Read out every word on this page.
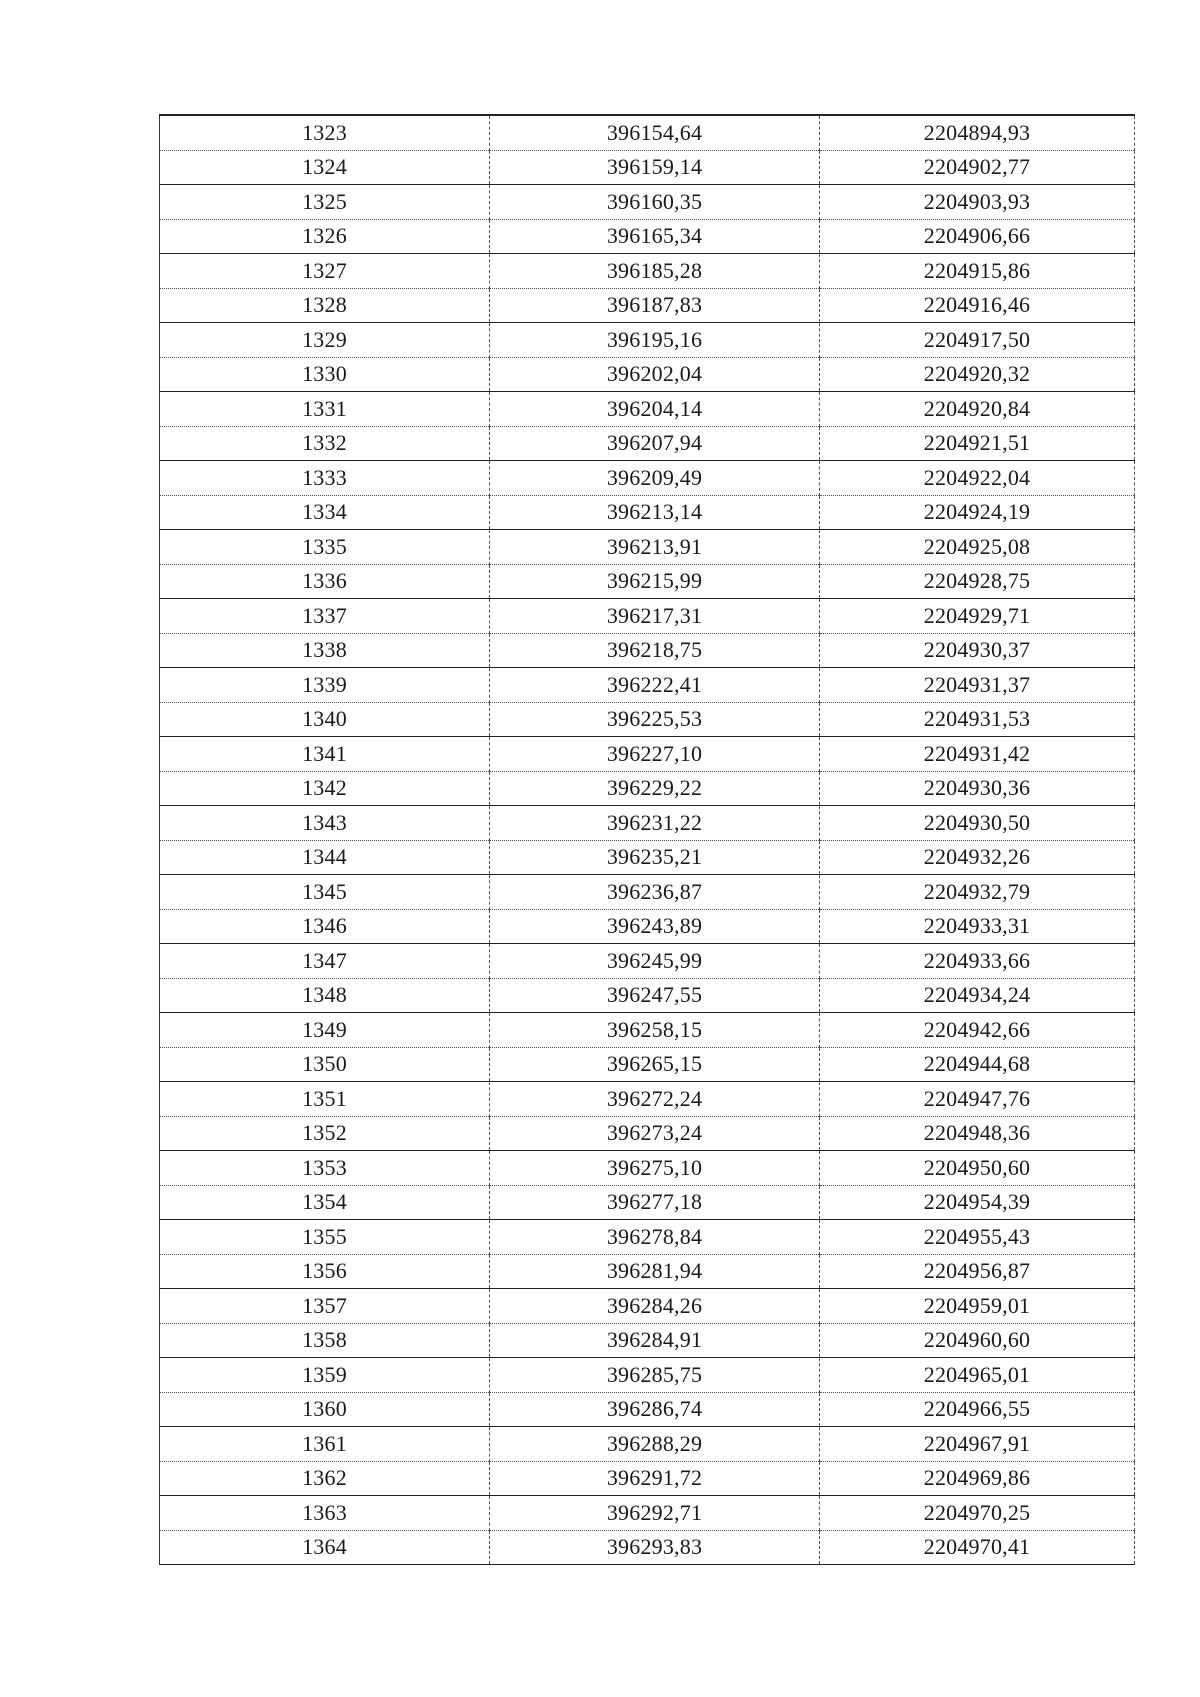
1323	396154,64	2204894,93
1324	396159,14	2204902,77
1325	396160,35	2204903,93
1326	396165,34	2204906,66
1327	396185,28	2204915,86
1328	396187,83	2204916,46
1329	396195,16	2204917,50
1330	396202,04	2204920,32
1331	396204,14	2204920,84
1332	396207,94	2204921,51
1333	396209,49	2204922,04
1334	396213,14	2204924,19
1335	396213,91	2204925,08
1336	396215,99	2204928,75
1337	396217,31	2204929,71
1338	396218,75	2204930,37
1339	396222,41	2204931,37
1340	396225,53	2204931,53
1341	396227,10	2204931,42
1342	396229,22	2204930,36
1343	396231,22	2204930,50
1344	396235,21	2204932,26
1345	396236,87	2204932,79
1346	396243,89	2204933,31
1347	396245,99	2204933,66
1348	396247,55	2204934,24
1349	396258,15	2204942,66
1350	396265,15	2204944,68
1351	396272,24	2204947,76
1352	396273,24	2204948,36
1353	396275,10	2204950,60
1354	396277,18	2204954,39
1355	396278,84	2204955,43
1356	396281,94	2204956,87
1357	396284,26	2204959,01
1358	396284,91	2204960,60
1359	396285,75	2204965,01
1360	396286,74	2204966,55
1361	396288,29	2204967,91
1362	396291,72	2204969,86
1363	396292,71	2204970,25
1364	396293,83	2204970,41
